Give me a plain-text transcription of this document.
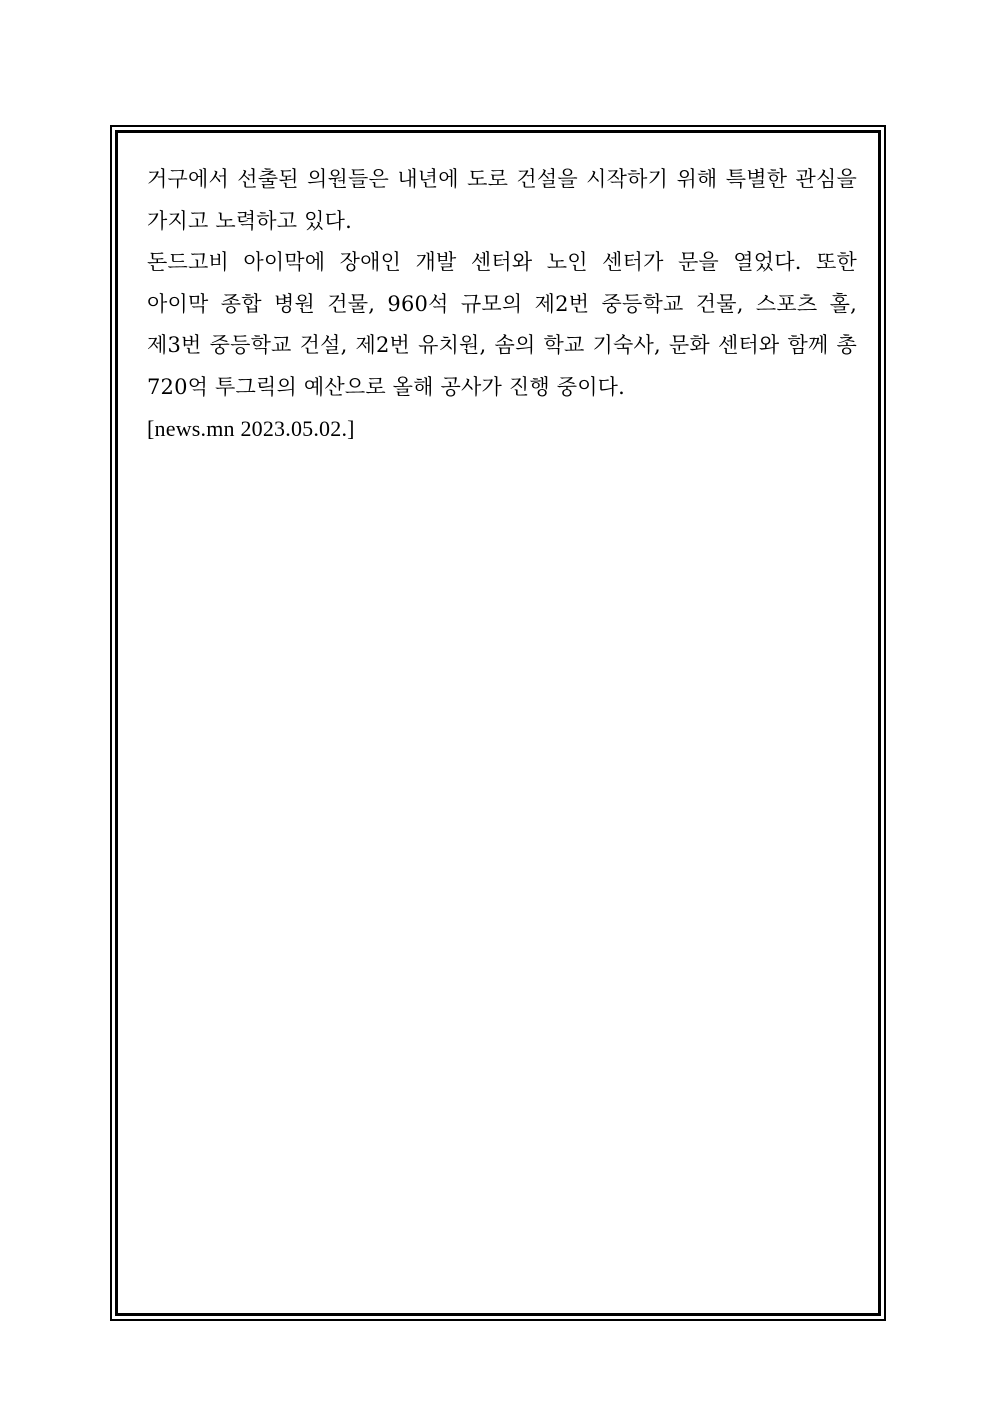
거구에서 선출된 의원들은 내년에 도로 건설을 시작하기 위해 특별한 관심을 가지고 노력하고 있다.

돈드고비 아이막에 장애인 개발 센터와 노인 센터가 문을 열었다. 또한 아이막 종합 병원 건물, 960석 규모의 제2번 중등학교 건물, 스포츠 홀, 제3번 중등학교 건설, 제2번 유치원, 솜의 학교 기숙사, 문화 센터와 함께 총 720억 투그릭의 예산으로 올해 공사가 진행 중이다.

[news.mn 2023.05.02.]
